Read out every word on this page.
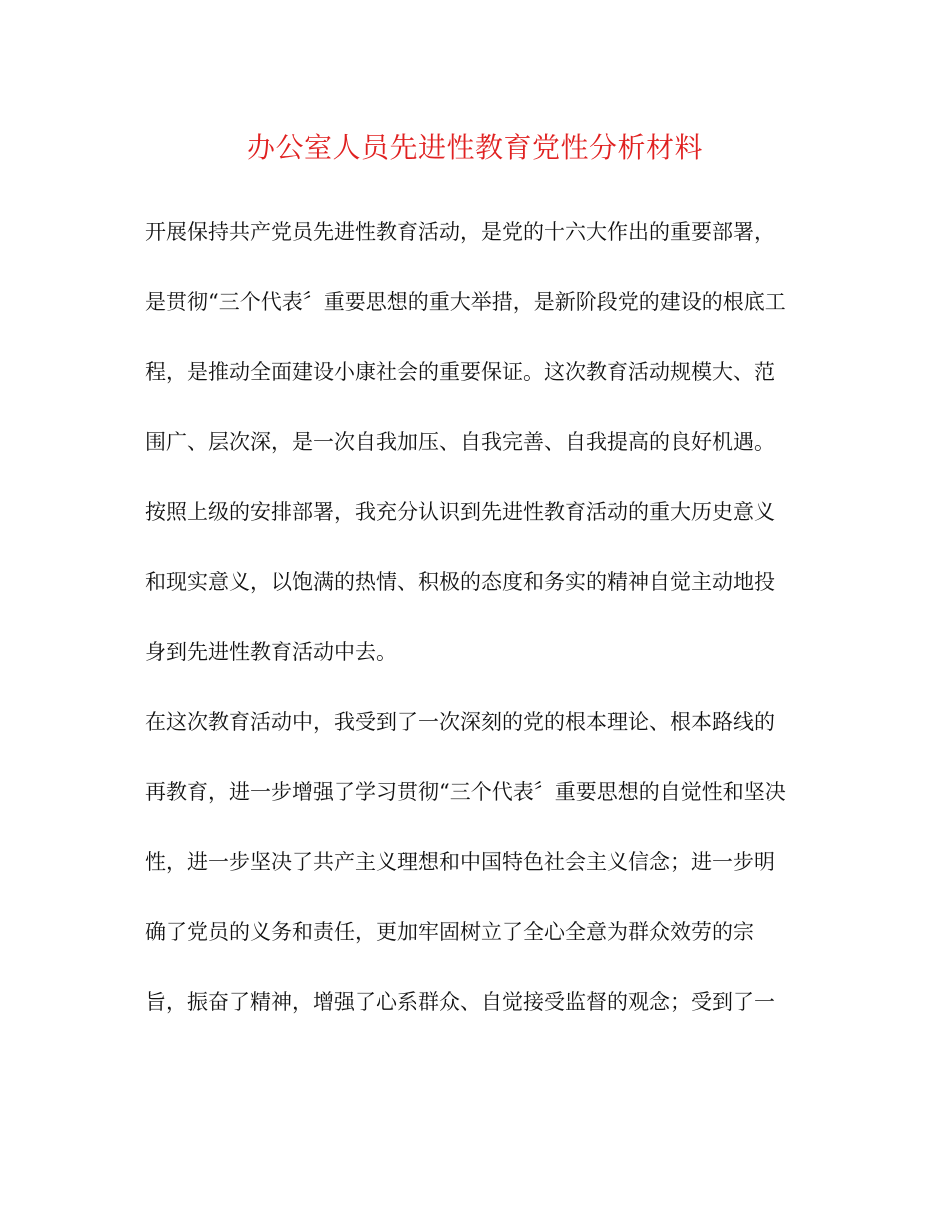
办公室人员先进性教育党性分析材料
开展保持共产党员先进性教育活动，是党的十六大作出的重要部署，
是贯彻“三个代表〞重要思想的重大举措，是新阶段党的建设的根底工
程，是推动全面建设小康社会的重要保证。这次教育活动规模大、范
围广、层次深，是一次自我加压、自我完善、自我提高的良好机遇。
按照上级的安排部署，我充分认识到先进性教育活动的重大历史意义
和现实意义，以饱满的热情、积极的态度和务实的精神自觉主动地投
身到先进性教育活动中去。
在这次教育活动中，我受到了一次深刻的党的根本理论、根本路线的
再教育，进一步增强了学习贯彻“三个代表〞重要思想的自觉性和坚决
性，进一步坚决了共产主义理想和中国特色社会主义信念；进一步明
确了党员的义务和责任，更加牢固树立了全心全意为群众效劳的宗
旨，振奋了精神，增强了心系群众、自觉接受监督的观念；受到了一
